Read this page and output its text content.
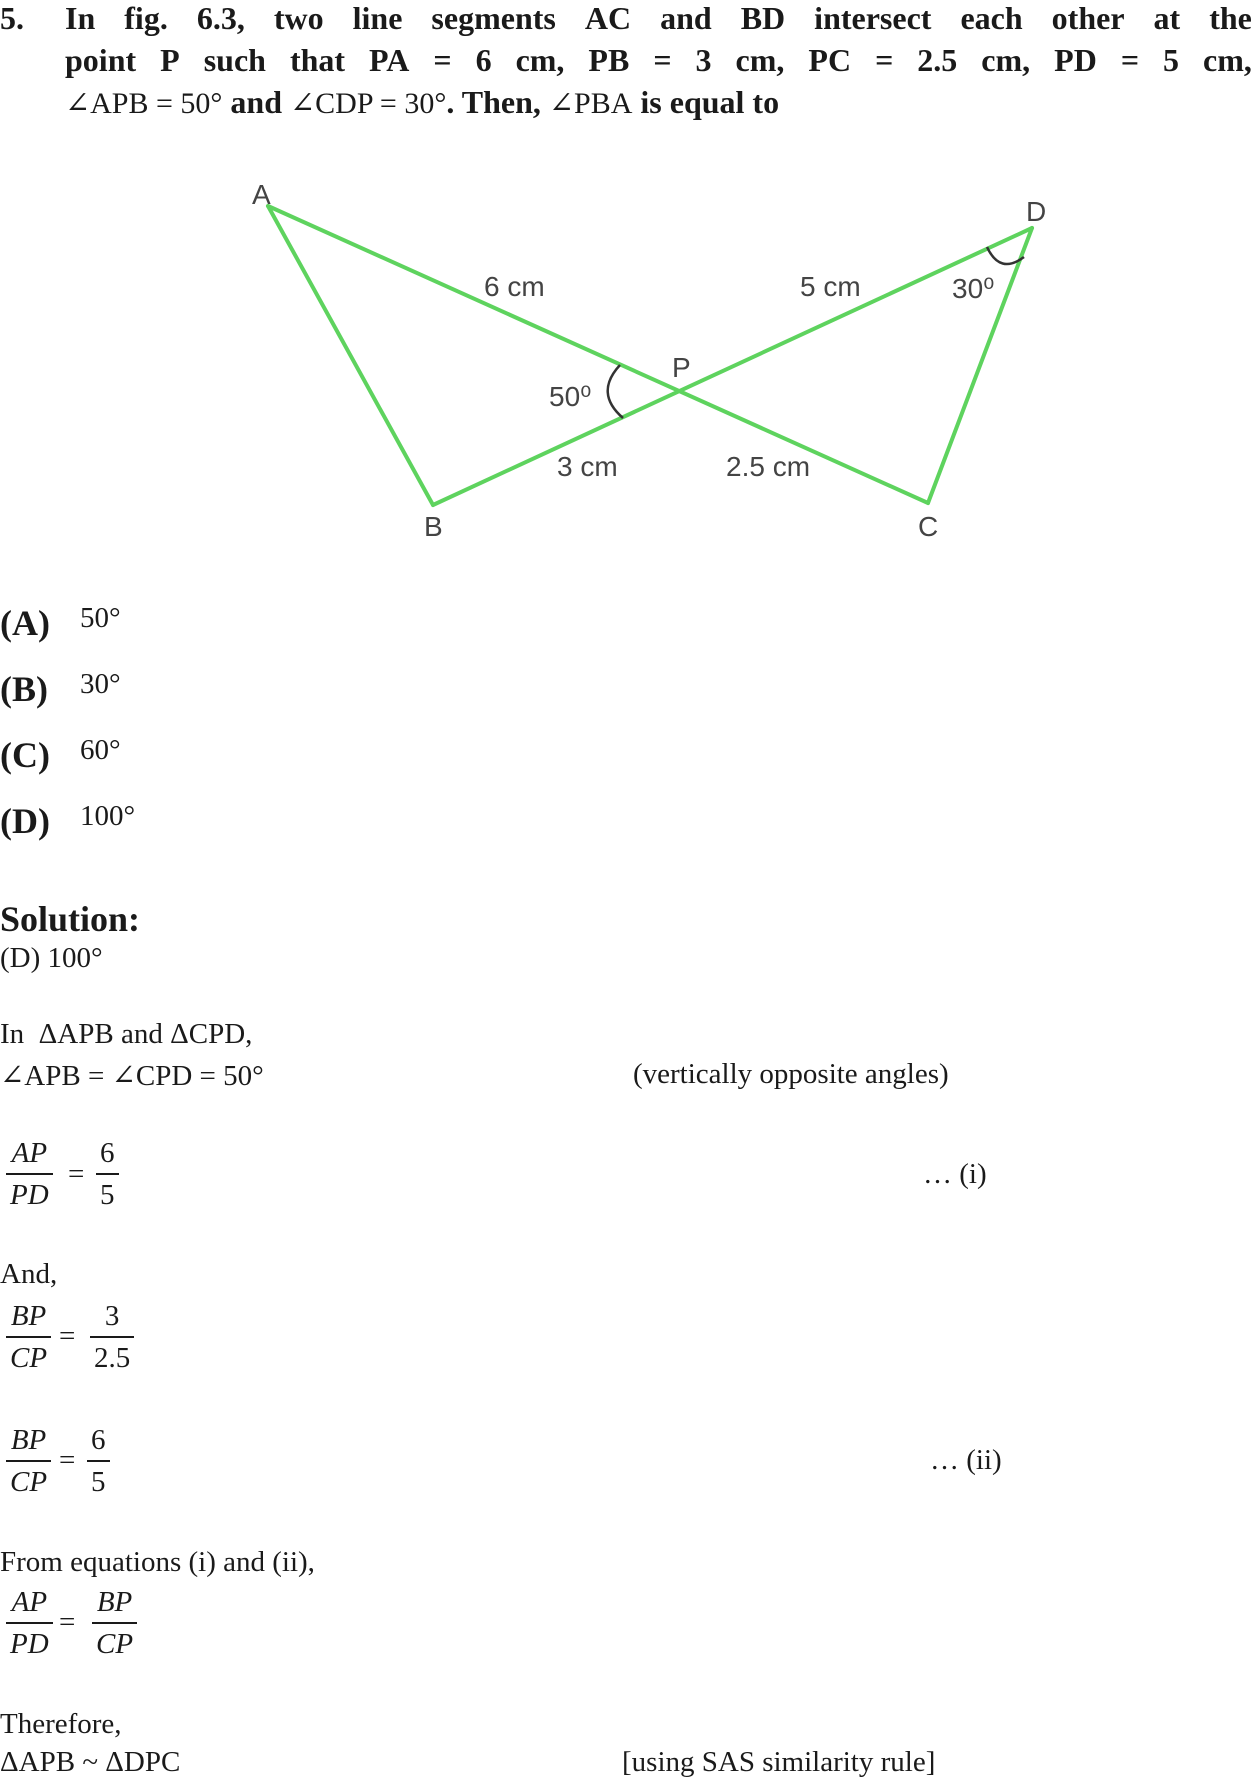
5. In fig. 6.3, two line segments AC and BD intersect each other at the
point P such that PA = 6 cm, PB = 3 cm, PC = 2.5 cm, PD = 5 cm,
∠APB = 50° and ∠CDP = 30°. Then, ∠PBA is equal to
A
D
P
B	C
6 cm	5 cm	30⁰
50⁰
3 cm	2.5 cm
(A) 50°
(B) 30°
(C) 60°
(D) 100°
Solution:
(D) 100°
In  ΔAPB and ΔCPD,
∠APB = ∠CPD = 50°	(vertically opposite angles)
AP
PD
=
6
5
… (i)
And,
BP
CP
=
3
2.5
BP
CP
=
6
5
… (ii)
From equations (i) and (ii),
AP
PD
=
BP
CP
Therefore,
ΔAPB ~ ΔDPC	[using SAS similarity rule]
